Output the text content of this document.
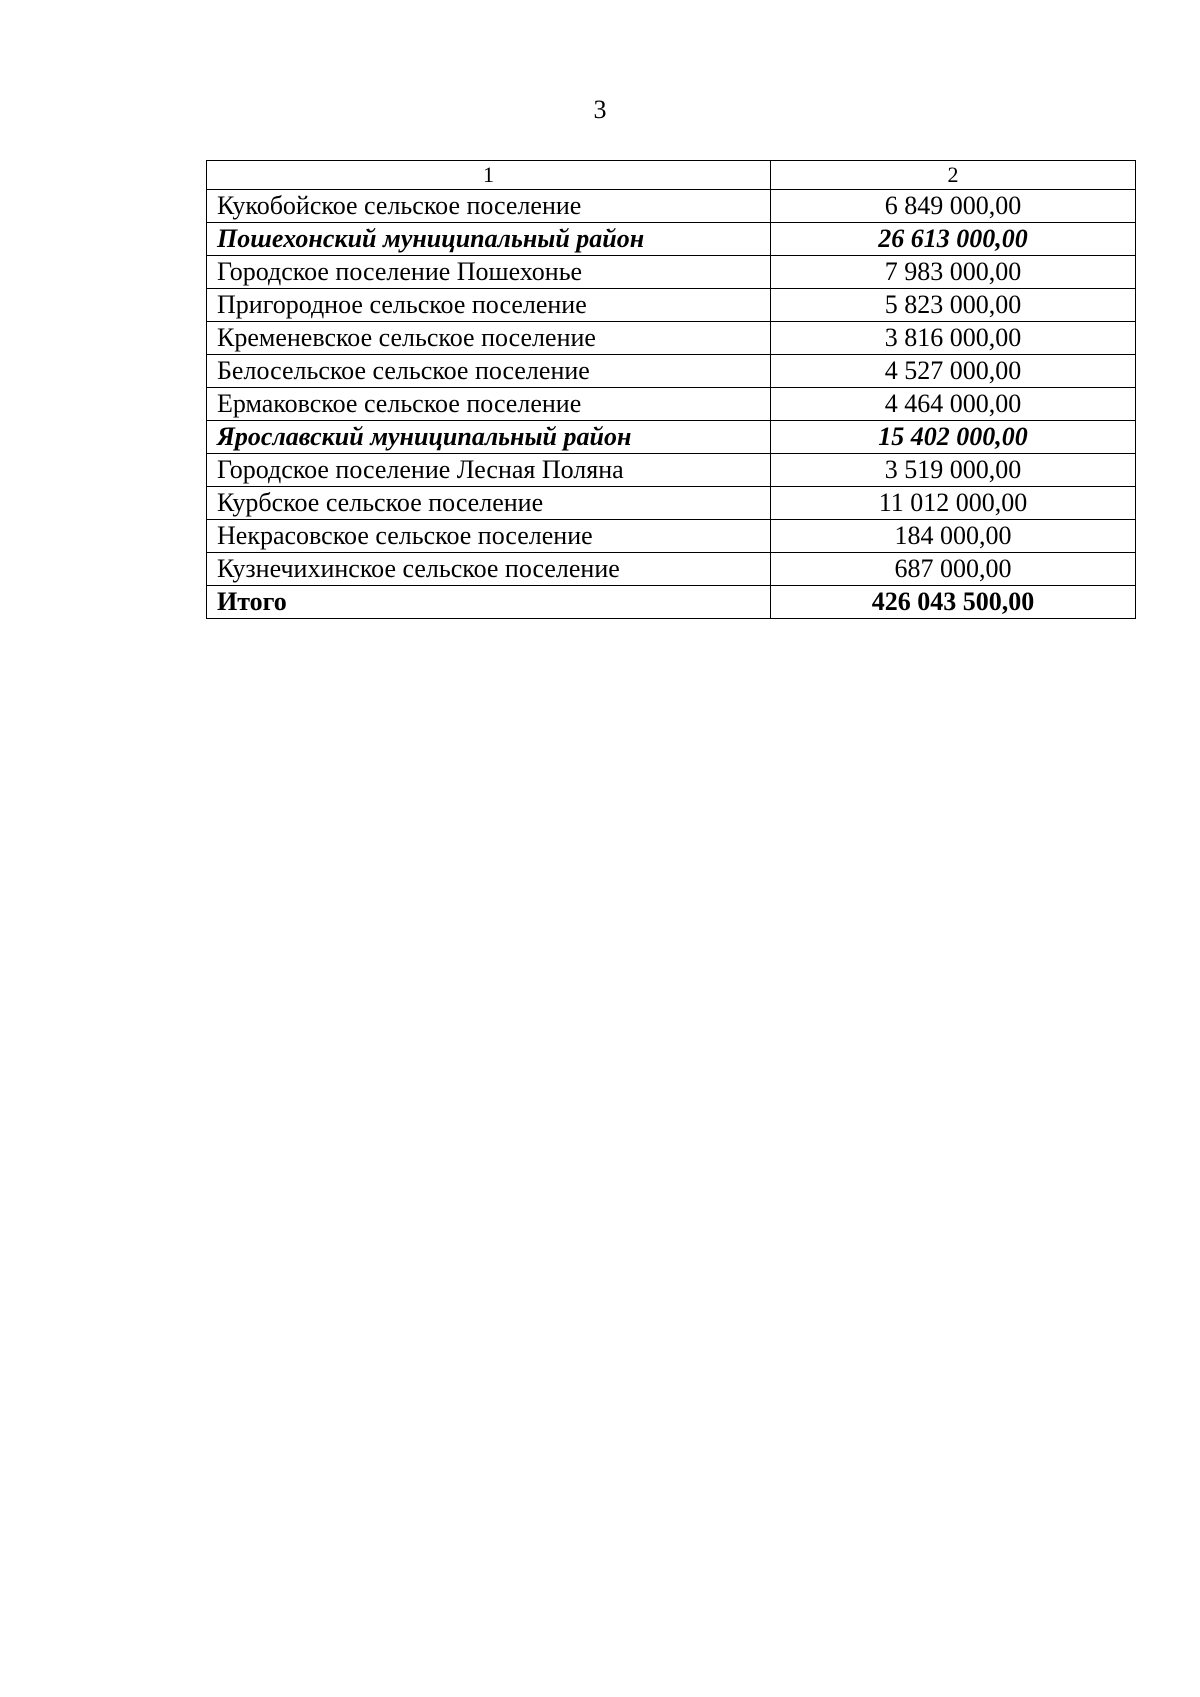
3
1	2
Кукобойское сельское поселение	6 849 000,00
Пошехонский муниципальный район	26 613 000,00
Городское поселение Пошехонье	7 983 000,00
Пригородное сельское поселение	5 823 000,00
Кременевское сельское поселение	3 816 000,00
Белосельское сельское поселение	4 527 000,00
Ермаковское сельское поселение	4 464 000,00
Ярославский муниципальный район	15 402 000,00
Городское поселение Лесная Поляна	3 519 000,00
Курбское сельское поселение	11 012 000,00
Некрасовское сельское поселение	184 000,00
Кузнечихинское сельское поселение	687 000,00
Итого	426 043 500,00
